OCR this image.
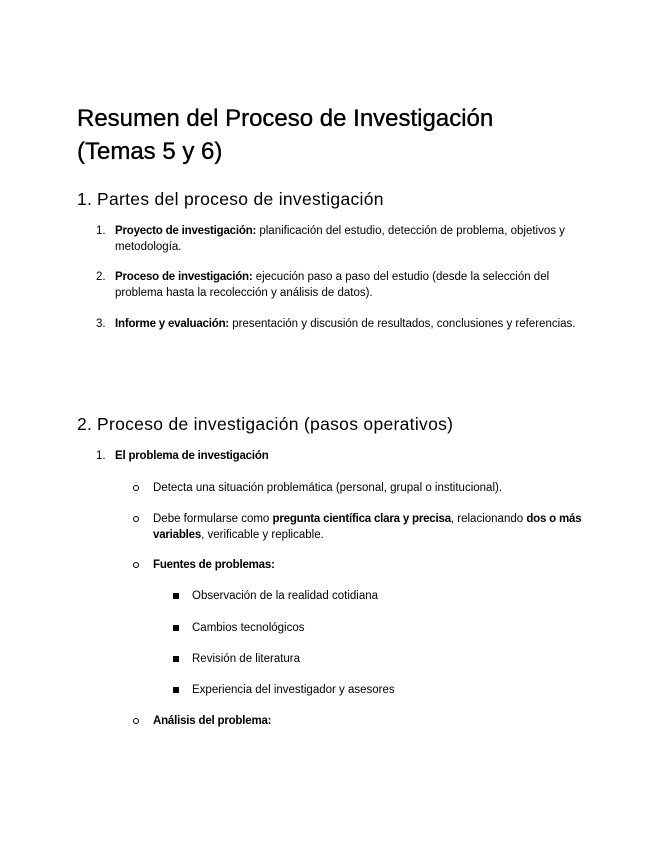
Resumen del Proceso de Investigación (Temas 5 y 6)
1. Partes del proceso de investigación
1. Proyecto de investigación: planificación del estudio, detección de problema, objetivos y metodología.
2. Proceso de investigación: ejecución paso a paso del estudio (desde la selección del problema hasta la recolección y análisis de datos).
3. Informe y evaluación: presentación y discusión de resultados, conclusiones y referencias.
2. Proceso de investigación (pasos operativos)
1. El problema de investigación
Detecta una situación problemática (personal, grupal o institucional).
Debe formularse como pregunta científica clara y precisa, relacionando dos o más variables, verificable y replicable.
Fuentes de problemas:
Observación de la realidad cotidiana
Cambios tecnológicos
Revisión de literatura
Experiencia del investigador y asesores
Análisis del problema:
